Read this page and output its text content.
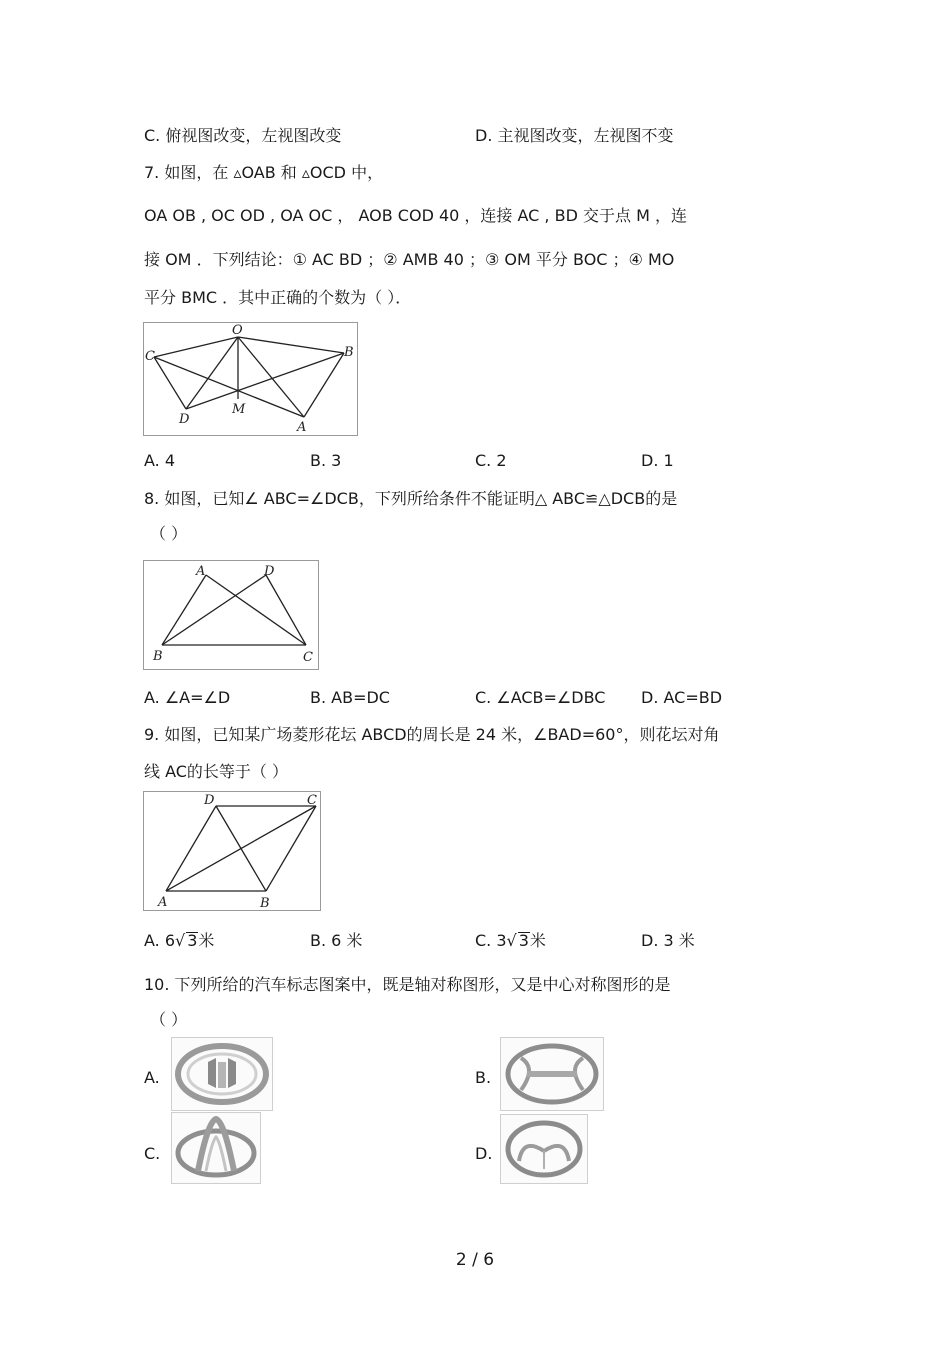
C. 俯视图改变，左视图改变	D. 主视图改变，左视图不变
7. 如图，在 ▵OAB 和 ▵OCD 中，
OA OB , OC OD , OA OC ， AOB COD 40 ，连接 AC , BD 交于点 M ，连
接 OM ．下列结论：① AC BD ；② AMB 40 ；③ OM 平分 BOC ；④ MO
平分 BMC ．其中正确的个数为（ ）．
O
C	B
D
M
A
A. 4	B. 3	C. 2	D. 1
8. 如图，已知∠ ABC=∠DCB，下列所给条件不能证明△ ABC≌△DCB的是
（ ）
A	D
B	C
A. ∠A=∠D	B. AB=DC	C. ∠ACB=∠DBC D. AC=BD
9. 如图，已知某广场菱形花坛 ABCD的周长是 24 米，∠BAD=60°，则花坛对角
线 AC的长等于（ ）
D	C
A	B
A. 6√ 3米	B. 6 米	C. 3√ 3米	D. 3 米
10. 下列所给的汽车标志图案中，既是轴对称图形，又是中心对称图形的是
（ ）
A.	B.
C.	D.
2 / 6
